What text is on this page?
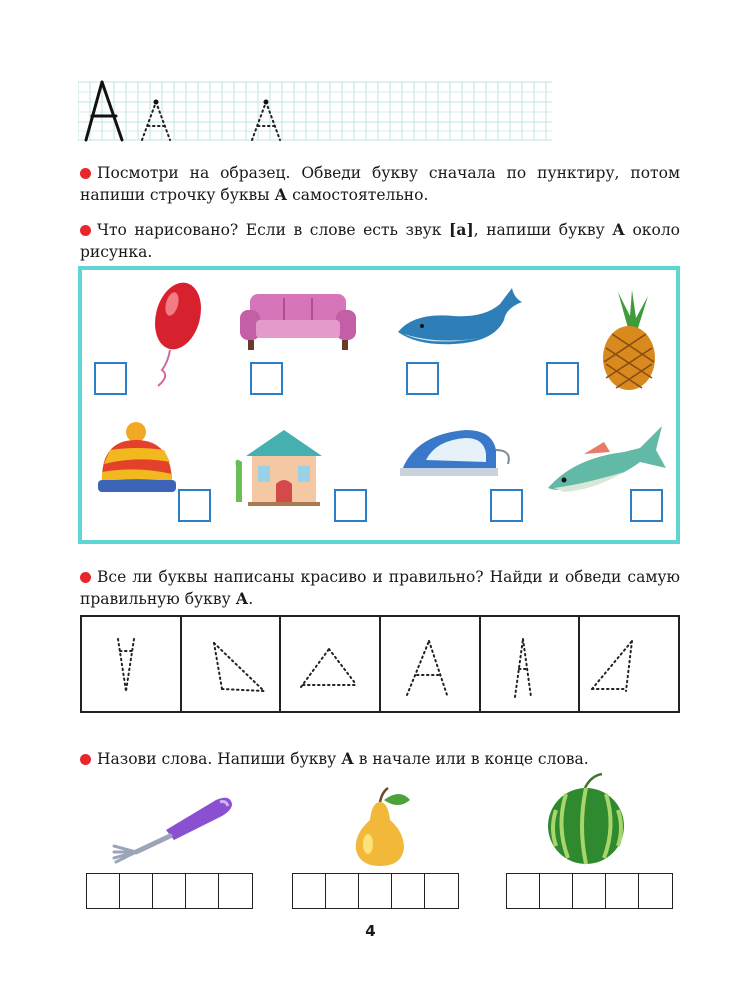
Посмотри на образец. Обведи букву сначала по пунктиру, потом напиши строчку буквы А самостоятельно.
Что нарисовано? Если в слове есть звук [а], напиши букву А около рисунка.
Все ли буквы написаны красиво и правильно? Найди и обведи самую правильную букву А.
Назови слова. Напиши букву А в начале или в конце слова.
4
